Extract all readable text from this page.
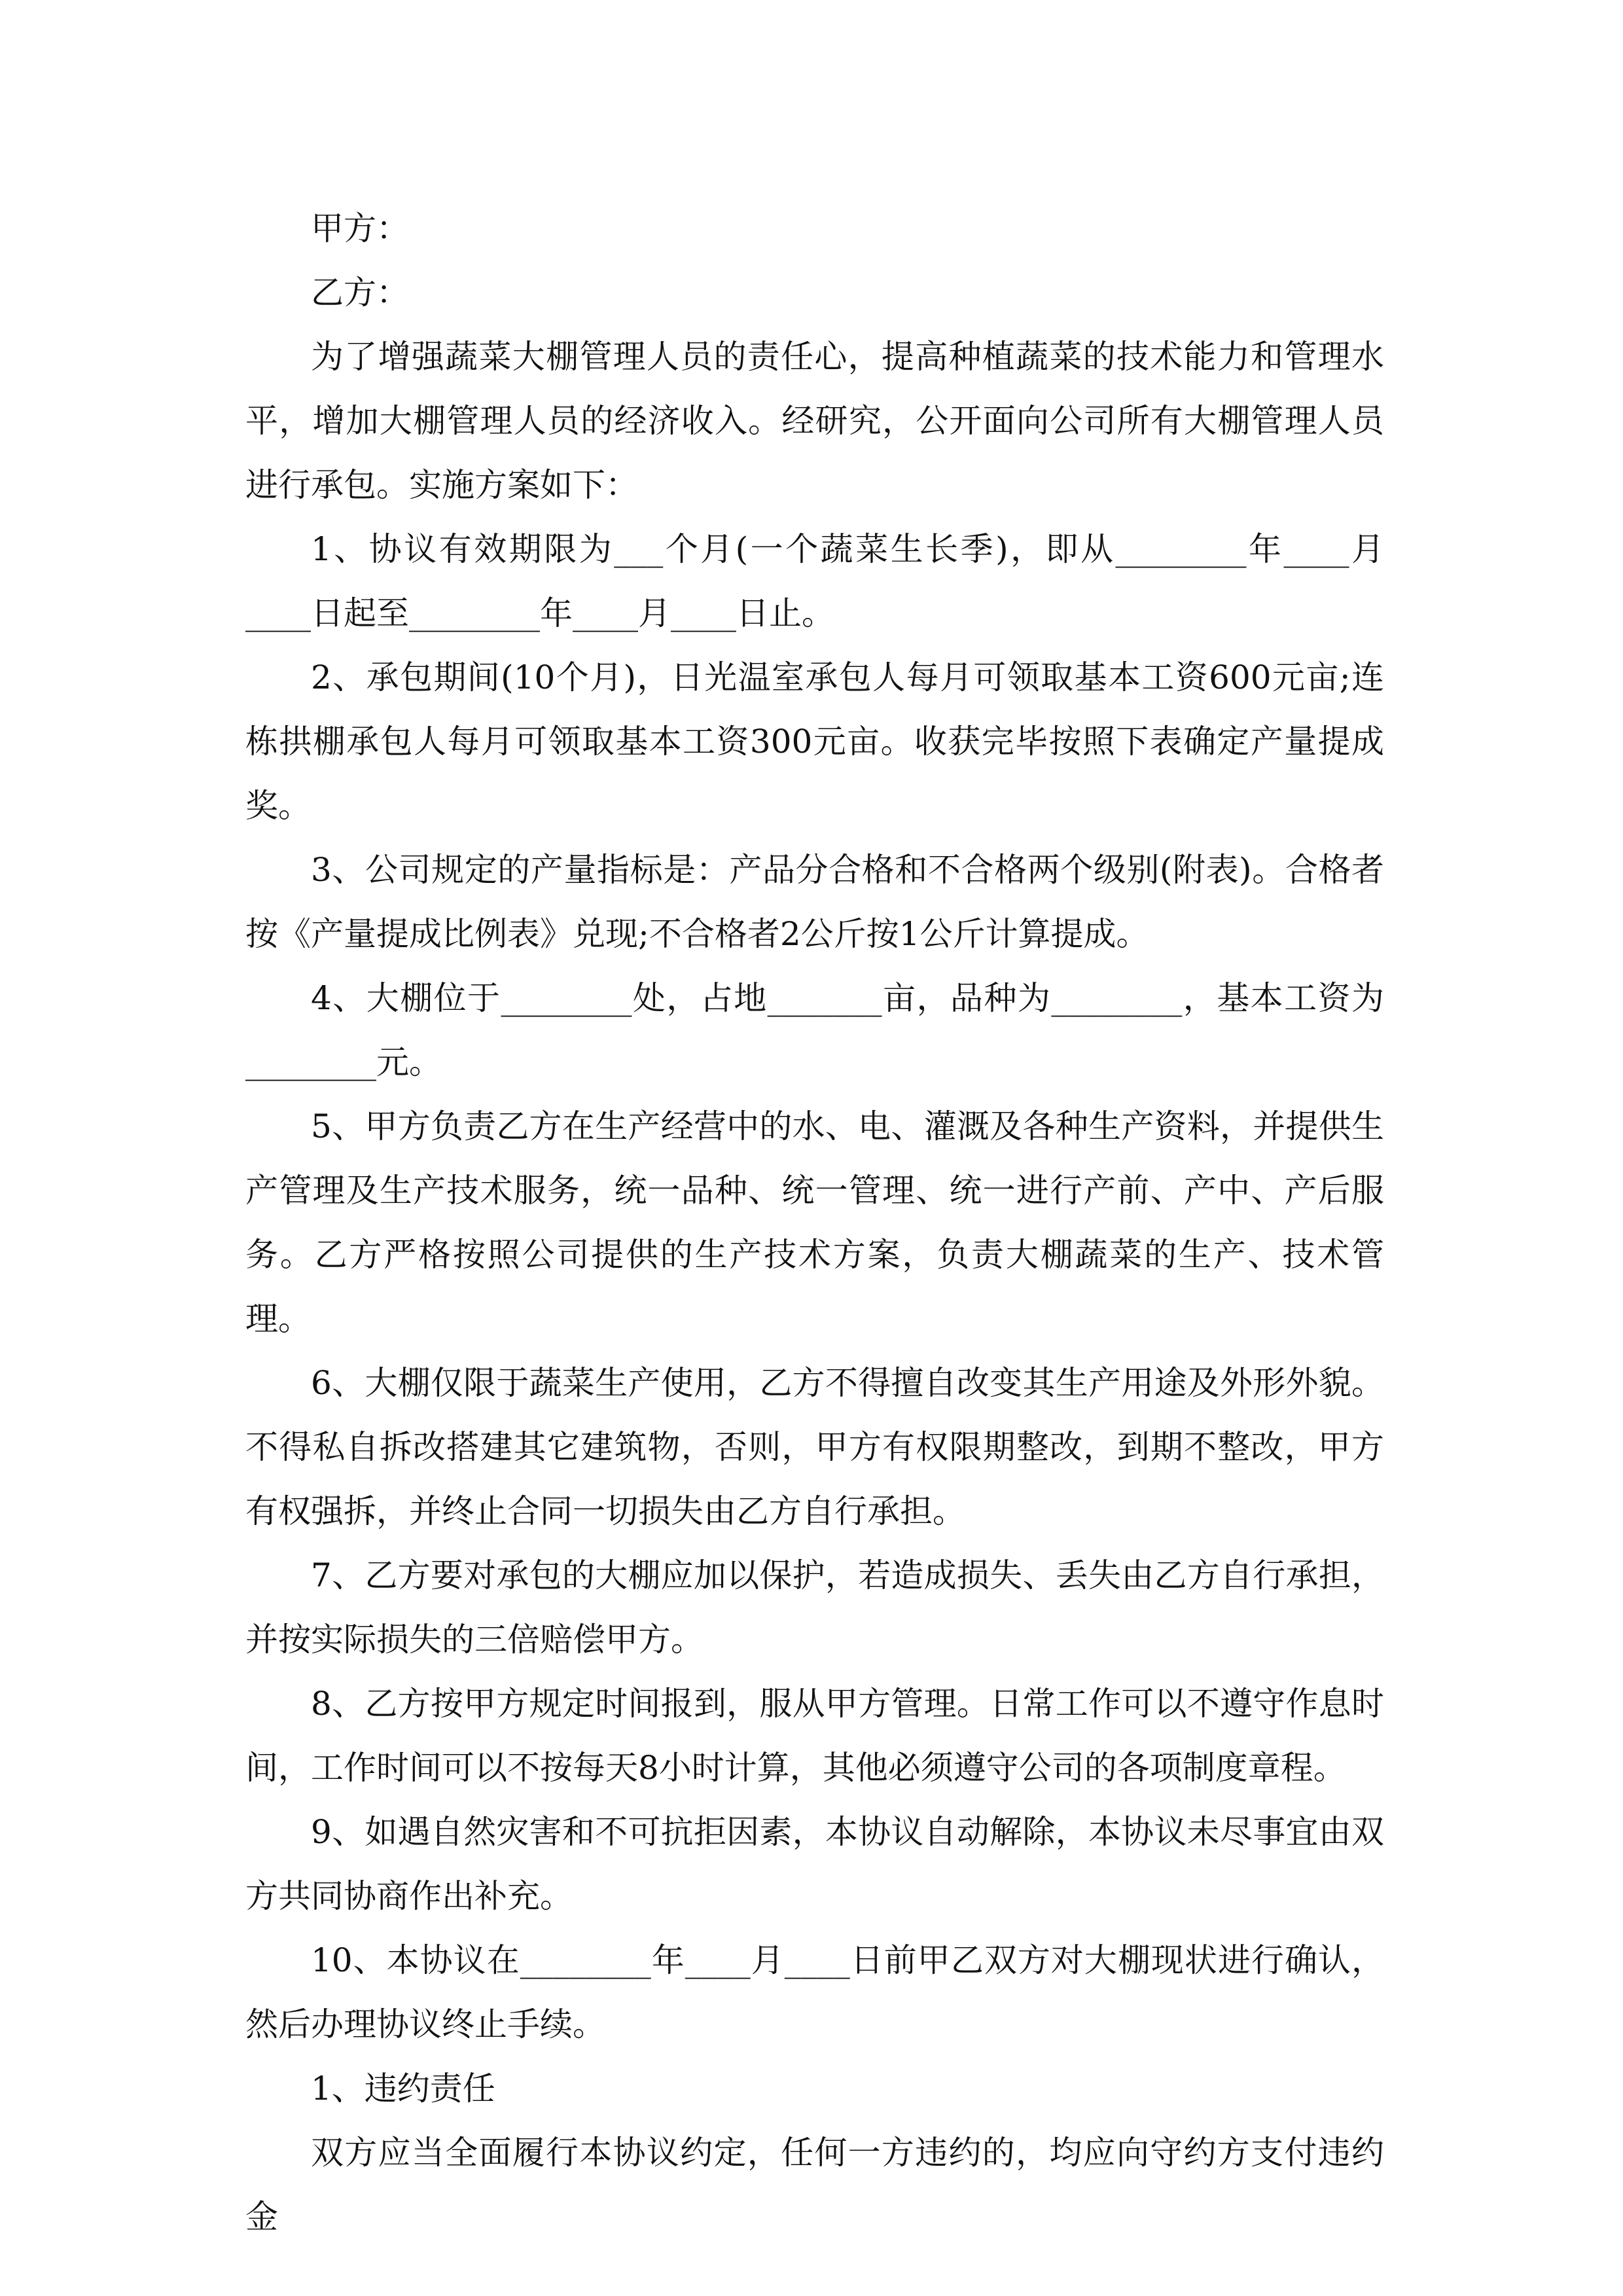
甲方：

乙方：

为了增强蔬菜大棚管理人员的责任心，提高种植蔬菜的技术能力和管理水平，增加大棚管理人员的经济收入。经研究，公开面向公司所有大棚管理人员进行承包。实施方案如下：

1、协议有效期限为___个月(一个蔬菜生长季)，即从________年____月____日起至________年____月____日止。

2、承包期间(10个月)，日光温室承包人每月可领取基本工资600元亩;连栋拱棚承包人每月可领取基本工资300元亩。收获完毕按照下表确定产量提成奖。

3、公司规定的产量指标是：产品分合格和不合格两个级别(附表)。合格者按《产量提成比例表》兑现;不合格者2公斤按1公斤计算提成。

4、大棚位于________处，占地_______亩，品种为________，基本工资为________元。

5、甲方负责乙方在生产经营中的水、电、灌溉及各种生产资料，并提供生产管理及生产技术服务，统一品种、统一管理、统一进行产前、产中、产后服务。乙方严格按照公司提供的生产技术方案，负责大棚蔬菜的生产、技术管理。

6、大棚仅限于蔬菜生产使用，乙方不得擅自改变其生产用途及外形外貌。不得私自拆改搭建其它建筑物，否则，甲方有权限期整改，到期不整改，甲方有权强拆，并终止合同一切损失由乙方自行承担。

7、乙方要对承包的大棚应加以保护，若造成损失、丢失由乙方自行承担，并按实际损失的三倍赔偿甲方。

8、乙方按甲方规定时间报到，服从甲方管理。日常工作可以不遵守作息时间，工作时间可以不按每天8小时计算，其他必须遵守公司的各项制度章程。

9、如遇自然灾害和不可抗拒因素，本协议自动解除，本协议未尽事宜由双方共同协商作出补充。

10、本协议在________年____月____日前甲乙双方对大棚现状进行确认，然后办理协议终止手续。

1、违约责任

双方应当全面履行本协议约定，任何一方违约的，均应向守约方支付违约金
